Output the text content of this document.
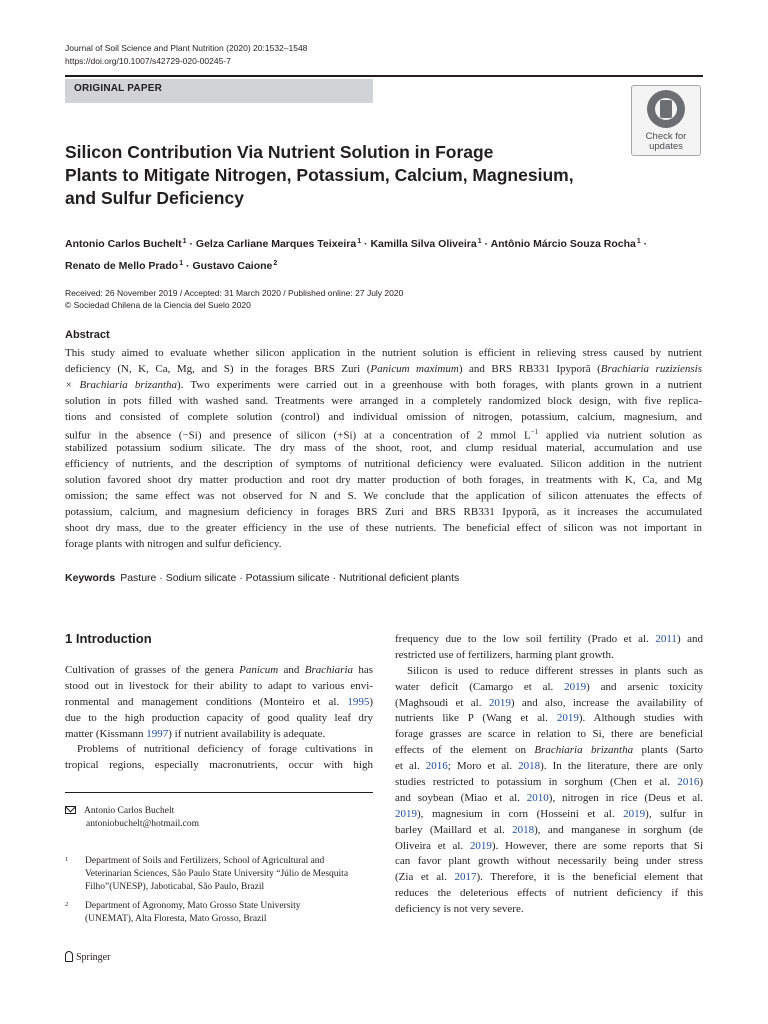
Journal of Soil Science and Plant Nutrition (2020) 20:1532–1548
https://doi.org/10.1007/s42729-020-00245-7
ORIGINAL PAPER
Check for
updates
Silicon Contribution Via Nutrient Solution in Forage
Plants to Mitigate Nitrogen, Potassium, Calcium, Magnesium,
and Sulfur Deficiency
Antonio Carlos Buchelt$^1$ · Gelza Carliane Marques Teixeira$^1$ · Kamilla Silva Oliveira$^1$ · Antônio Márcio Souza Rocha$^1$ ·
Renato de Mello Prado$^1$ · Gustavo Caione$^2$
Received: 26 November 2019 / Accepted: 31 March 2020 / Published online: 27 July 2020
© Sociedad Chilena de la Ciencia del Suelo 2020
Abstract
This study aimed to evaluate whether silicon application in the nutrient solution is efficient in relieving stress caused by nutrient
deficiency (N, K, Ca, Mg, and S) in the forages BRS Zuri (Panicum maximum) and BRS RB331 Ipyporã (Brachiaria ruziziensis
× Brachiaria brizantha). Two experiments were carried out in a greenhouse with both forages, with plants grown in a nutrient
solution in pots filled with washed sand. Treatments were arranged in a completely randomized block design, with five replica-
tions and consisted of complete solution (control) and individual omission of nitrogen, potassium, calcium, magnesium, and
sulfur in the absence (−Si) and presence of silicon (+Si) at a concentration of 2 mmol $L^{-1}$ applied via nutrient solution as
stabilized potassium sodium silicate. The dry mass of the shoot, root, and clump residual material, accumulation and use
efficiency of nutrients, and the description of symptoms of nutritional deficiency were evaluated. Silicon addition in the nutrient
solution favored shoot dry matter production and root dry matter production of both forages, in treatments with K, Ca, and Mg
omission; the same effect was not observed for N and S. We conclude that the application of silicon attenuates the effects of
potassium, calcium, and magnesium deficiency in forages BRS Zuri and BRS RB331 Ipyporã, as it increases the accumulated
shoot dry mass, due to the greater efficiency in the use of these nutrients. The beneficial effect of silicon was not important in
forage plants with nitrogen and sulfur deficiency.
Keywords Pasture · Sodium silicate · Potassium silicate · Nutritional deficient plants
1 Introduction
Cultivation of grasses of the genera Panicum and Brachiaria has
stood out in livestock for their ability to adapt to various envi-
ronmental and management conditions (Monteiro et al. 1995)
due to the high production capacity of good quality leaf dry
matter (Kissmann 1997) if nutrient availability is adequate.
Problems of nutritional deficiency of forage cultivations in
tropical regions, especially macronutrients, occur with high
Antonio Carlos Buchelt
antoniobuchelt@hotmail.com
1 Department of Soils and Fertilizers, School of Agricultural and
Veterinarian Sciences, São Paulo State University “Júlio de Mesquita
Filho”(UNESP), Jaboticabal, São Paulo, Brazil
2 Department of Agronomy, Mato Grosso State University
(UNEMAT), Alta Floresta, Mato Grosso, Brazil
frequency due to the low soil fertility (Prado et al. 2011) and
restricted use of fertilizers, harming plant growth.
Silicon is used to reduce different stresses in plants such as
water deficit (Camargo et al. 2019) and arsenic toxicity
(Maghsoudi et al. 2019) and also, increase the availability of
nutrients like P (Wang et al. 2019). Although studies with
forage grasses are scarce in relation to Si, there are beneficial
effects of the element on Brachiaria brizantha plants (Sarto
et al. 2016; Moro et al. 2018). In the literature, there are only
studies restricted to potassium in sorghum (Chen et al. 2016)
and soybean (Miao et al. 2010), nitrogen in rice (Deus et al.
2019), magnesium in corn (Hosseini et al. 2019), sulfur in
barley (Maillard et al. 2018), and manganese in sorghum (de
Oliveira et al. 2019). However, there are some reports that Si
can favor plant growth without necessarily being under stress
(Zia et al. 2017). Therefore, it is the beneficial element that
reduces the deleterious effects of nutrient deficiency if this
deficiency is not very severe.
Springer
